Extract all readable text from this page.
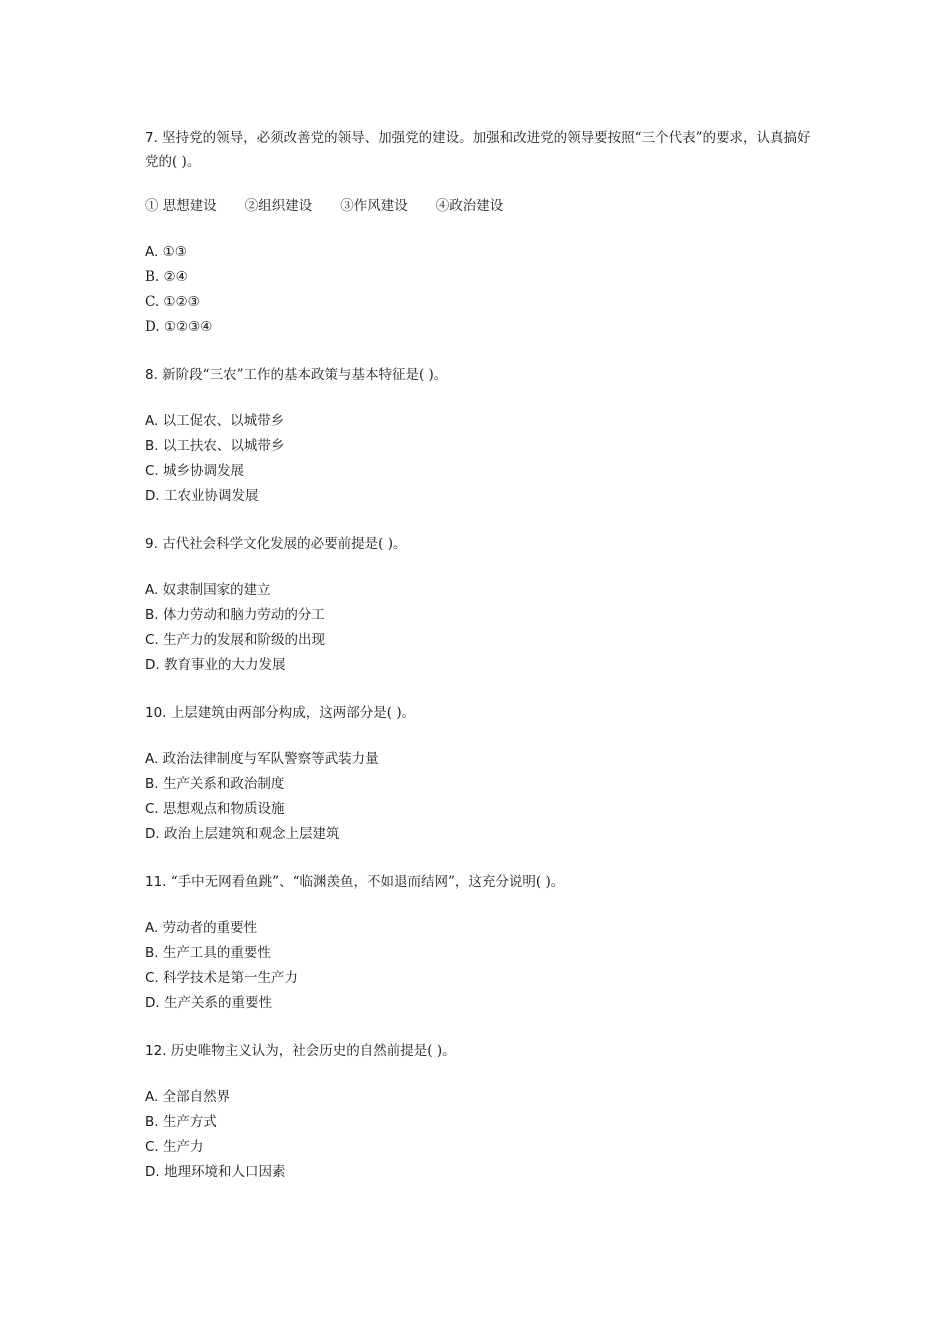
7. 坚持党的领导，必须改善党的领导、加强党的建设。加强和改进党的领导要按照“三个代表”的要求，认真搞好党的( )。

① 思想建设 ②组织建设 ③作风建设 ④政治建设

A. ①③
B. ②④
C. ①②③
D. ①②③④

8. 新阶段“三农”工作的基本政策与基本特征是( )。

A. 以工促农、以城带乡
B. 以工扶农、以城带乡
C. 城乡协调发展
D. 工农业协调发展

9. 古代社会科学文化发展的必要前提是( )。

A. 奴隶制国家的建立
B. 体力劳动和脑力劳动的分工
C. 生产力的发展和阶级的出现
D. 教育事业的大力发展

10. 上层建筑由两部分构成，这两部分是( )。

A. 政治法律制度与军队警察等武装力量
B. 生产关系和政治制度
C. 思想观点和物质设施
D. 政治上层建筑和观念上层建筑

11. “手中无网看鱼跳”、“临渊羡鱼，不如退而结网”，这充分说明( )。

A. 劳动者的重要性
B. 生产工具的重要性
C. 科学技术是第一生产力
D. 生产关系的重要性

12. 历史唯物主义认为，社会历史的自然前提是( )。

A. 全部自然界
B. 生产方式
C. 生产力
D. 地理环境和人口因素
